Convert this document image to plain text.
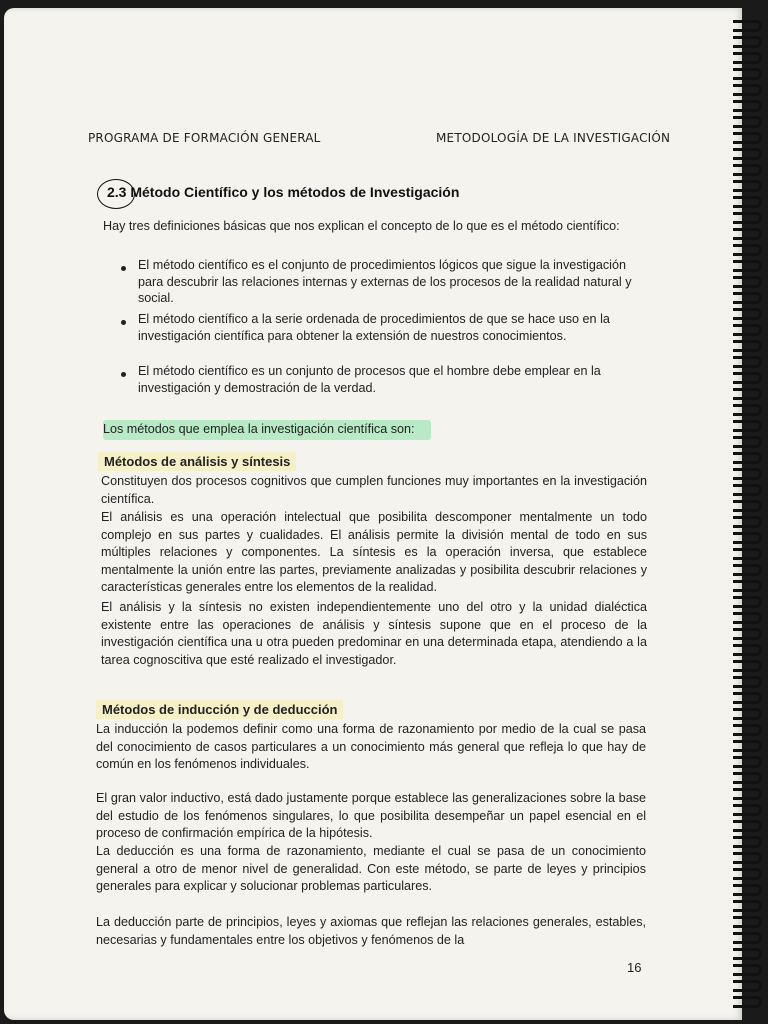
PROGRAMA DE FORMACIÓN GENERAL	METODOLOGÍA DE LA INVESTIGACIÓN
2.3 Método Científico y los métodos de Investigación
Hay tres definiciones básicas que nos explican el concepto de lo que es el método científico:
El método científico es el conjunto de procedimientos lógicos que sigue la investigación para descubrir las relaciones internas y externas de los procesos de la realidad natural y social.
El método científico a la serie ordenada de procedimientos de que se hace uso en la investigación científica para obtener la extensión de nuestros conocimientos.
El método científico es un conjunto de procesos que el hombre debe emplear en la investigación y demostración de la verdad.
Los métodos que emplea la investigación científica son:
Métodos de análisis y síntesis
Constituyen dos procesos cognitivos que cumplen funciones muy importantes en la investigación científica.
El análisis es una operación intelectual que posibilita descomponer mentalmente un todo complejo en sus partes y cualidades. El análisis permite la división mental de todo en sus múltiples relaciones y componentes. La síntesis es la operación inversa, que establece mentalmente la unión entre las partes, previamente analizadas y posibilita descubrir relaciones y características generales entre los elementos de la realidad.
El análisis y la síntesis no existen independientemente uno del otro y la unidad dialéctica existente entre las operaciones de análisis y síntesis supone que en el proceso de la investigación científica una u otra pueden predominar en una determinada etapa, atendiendo a la tarea cognoscitiva que esté realizado el investigador.
Métodos de inducción y de deducción
La inducción la podemos definir como una forma de razonamiento por medio de la cual se pasa del conocimiento de casos particulares a un conocimiento más general que refleja lo que hay de común en los fenómenos individuales.
El gran valor inductivo, está dado justamente porque establece las generalizaciones sobre la base del estudio de los fenómenos singulares, lo que posibilita desempeñar un papel esencial en el proceso de confirmación empírica de la hipótesis.
La deducción es una forma de razonamiento, mediante el cual se pasa de un conocimiento general a otro de menor nivel de generalidad. Con este método, se parte de leyes y principios generales para explicar y solucionar problemas particulares.
La deducción parte de principios, leyes y axiomas que reflejan las relaciones generales, estables, necesarias y fundamentales entre los objetivos y fenómenos de la
16
